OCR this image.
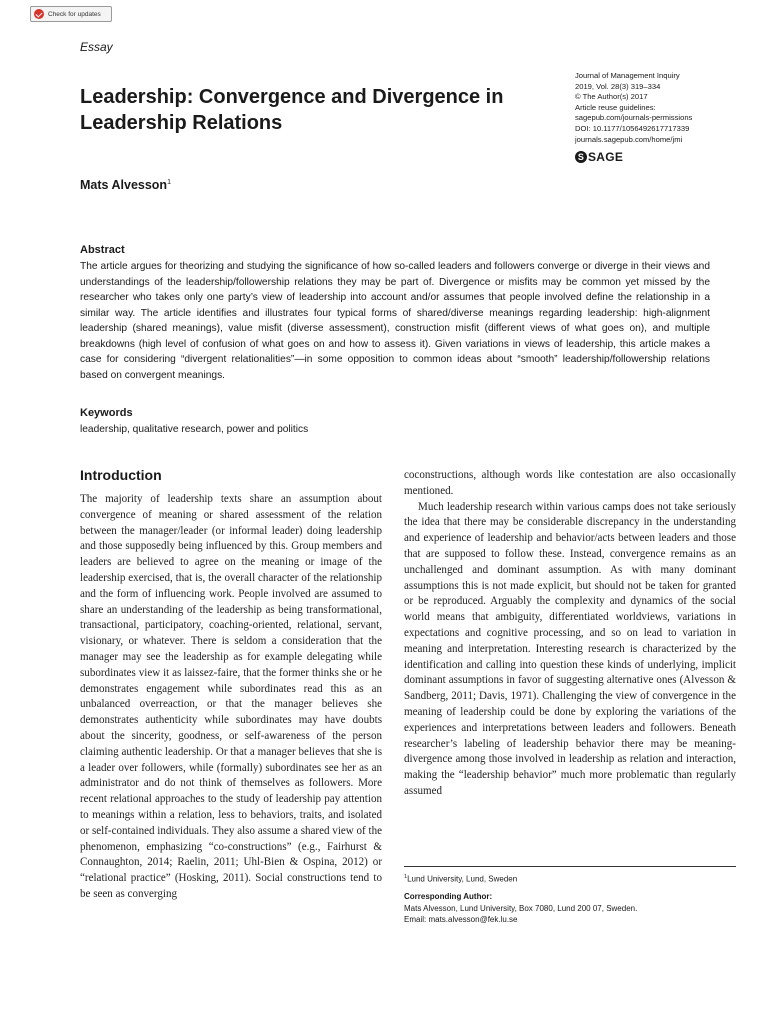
Check for updates
Essay
Leadership: Convergence and Divergence in Leadership Relations
Journal of Management Inquiry
2019, Vol. 28(3) 319–334
© The Author(s) 2017
Article reuse guidelines:
sagepub.com/journals-permissions
DOI: 10.1177/1056492617717339
journals.sagepub.com/home/jmi
S SAGE
Mats Alvesson$^1$
Abstract
The article argues for theorizing and studying the significance of how so-called leaders and followers converge or diverge in their views and understandings of the leadership/followership relations they may be part of. Divergence or misfits may be common yet missed by the researcher who takes only one party’s view of leadership into account and/or assumes that people involved define the relationship in a similar way. The article identifies and illustrates four typical forms of shared/diverse meanings regarding leadership: high-alignment leadership (shared meanings), value misfit (diverse assessment), construction misfit (different views of what goes on), and multiple breakdowns (high level of confusion of what goes on and how to assess it). Given variations in views of leadership, this article makes a case for considering “divergent relationalities”—in some opposition to common ideas about “smooth” leadership/followership relations based on convergent meanings.
Keywords
leadership, qualitative research, power and politics
Introduction

The majority of leadership texts share an assumption about convergence of meaning or shared assessment of the relation between the manager/leader (or informal leader) doing leadership and those supposedly being influenced by this. Group members and leaders are believed to agree on the meaning or image of the leadership exercised, that is, the overall character of the relationship and the form of influencing work. People involved are assumed to share an understanding of the leadership as being transformational, transactional, participatory, coaching-oriented, relational, servant, visionary, or whatever. There is seldom a consideration that the manager may see the leadership as for example delegating while subordinates view it as laissez-faire, that the former thinks she or he demonstrates engagement while subordinates read this as an unbalanced overreaction, or that the manager believes she demonstrates authenticity while subordinates may have doubts about the sincerity, goodness, or self-awareness of the person claiming authentic leadership. Or that a manager believes that she is a leader over followers, while (formally) subordinates see her as an administrator and do not think of themselves as followers. More recent relational approaches to the study of leadership pay attention to meanings within a relation, less to behaviors, traits, and isolated or self-contained individuals. They also assume a shared view of the phenomenon, emphasizing “co-constructions” (e.g., Fairhurst & Connaughton, 2014; Raelin, 2011; Uhl-Bien & Ospina, 2012) or “relational practice” (Hosking, 2011). Social constructions tend to be seen as converging

coconstructions, although words like contestation are also occasionally mentioned.

Much leadership research within various camps does not take seriously the idea that there may be considerable discrepancy in the understanding and experience of leadership and behavior/acts between leaders and those that are supposed to follow these. Instead, convergence remains as an unchallenged and dominant assumption. As with many dominant assumptions this is not made explicit, but should not be taken for granted or be reproduced. Arguably the complexity and dynamics of the social world means that ambiguity, differentiated worldviews, variations in expectations and cognitive processing, and so on lead to variation in meaning and interpretation. Interesting research is characterized by the identification and calling into question these kinds of underlying, implicit dominant assumptions in favor of suggesting alternative ones (Alvesson & Sandberg, 2011; Davis, 1971). Challenging the view of convergence in the meaning of leadership could be done by exploring the variations of the experiences and interpretations between leaders and followers. Beneath researcher’s labeling of leadership behavior there may be meaning-divergence among those involved in leadership as relation and interaction, making the “leadership behavior” much more problematic than regularly assumed

$^1$Lund University, Lund, Sweden
Corresponding Author:
Mats Alvesson, Lund University, Box 7080, Lund 200 07, Sweden.
Email: mats.alvesson@fek.lu.se
